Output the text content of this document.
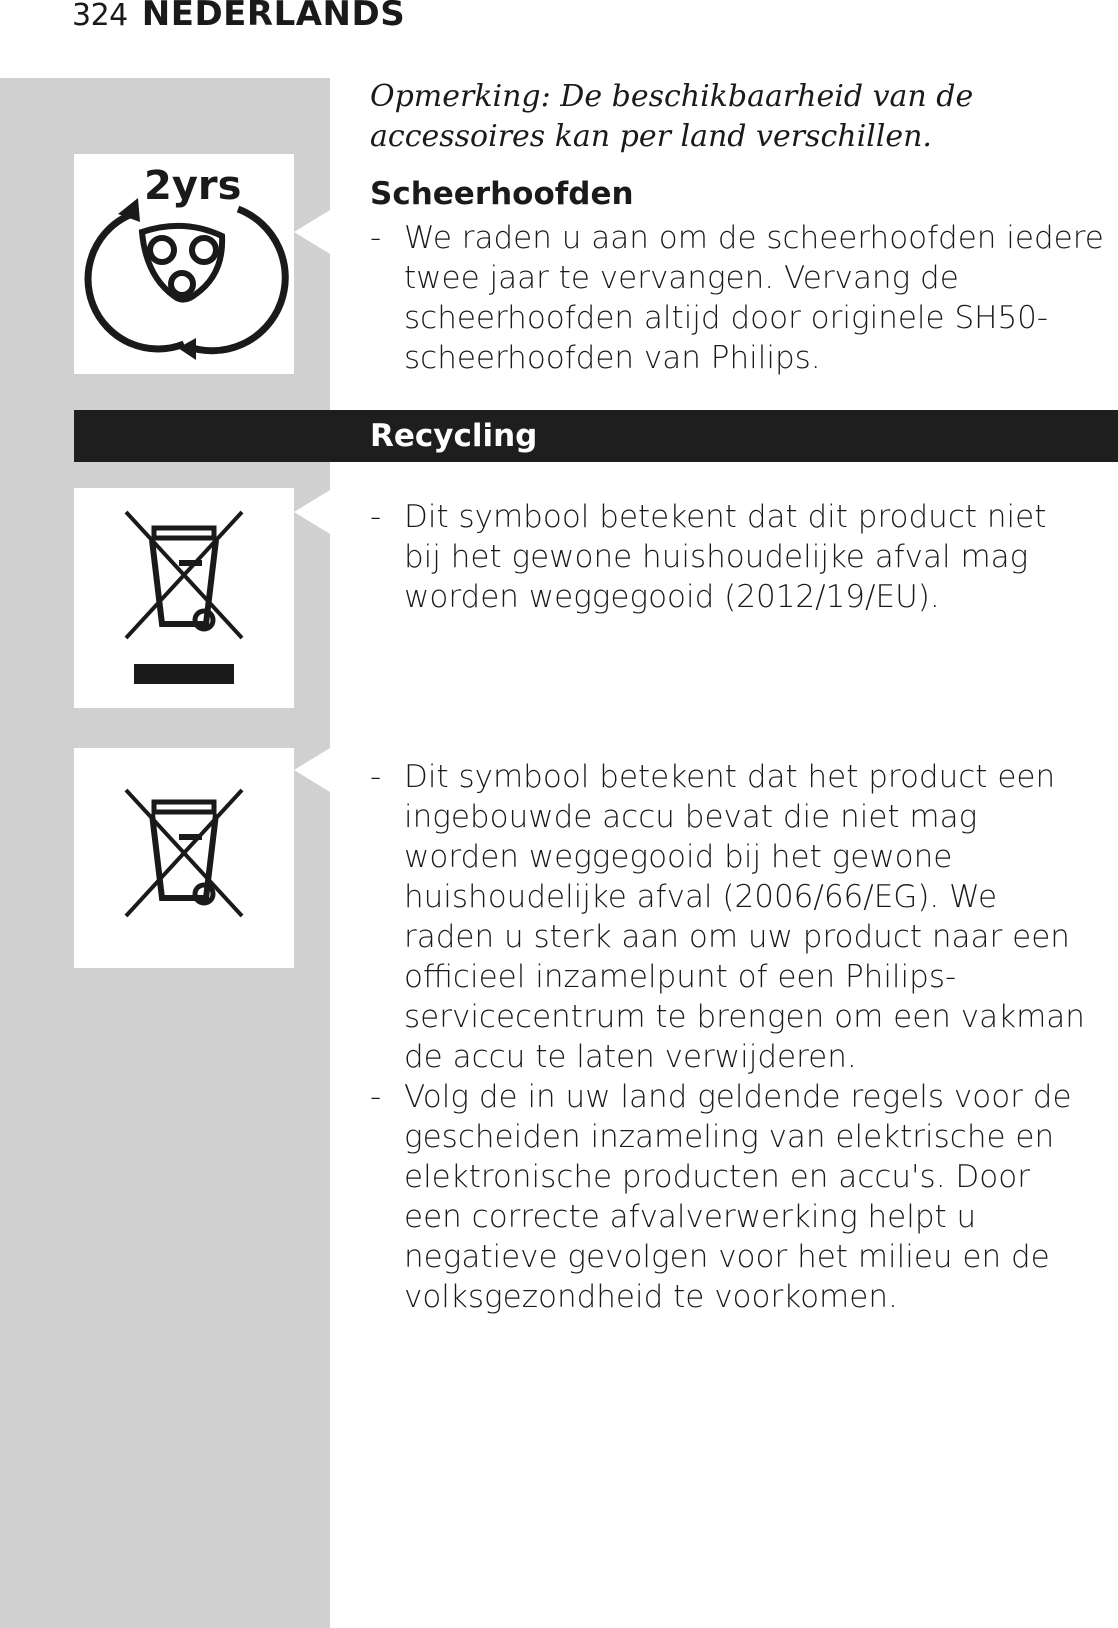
324 NEDERLANDS
2yrs
Opmerking: De beschikbaarheid van de accessoires kan per land verschillen.
Scheerhoofden
- We raden u aan om de scheerhoofden iedere twee jaar te vervangen. Vervang de scheerhoofden altijd door originele SH50-scheerhoofden van Philips.
Recycling
- Dit symbool betekent dat dit product niet bij het gewone huishoudelijke afval mag worden weggegooid (2012/19/EU).
- Dit symbool betekent dat het product een ingebouwde accu bevat die niet mag worden weggegooid bij het gewone huishoudelijke afval (2006/66/EG). We raden u sterk aan om uw product naar een officieel inzamelpunt of een Philips-servicecentrum te brengen om een vakman de accu te laten verwijderen.
- Volg de in uw land geldende regels voor de gescheiden inzameling van elektrische en elektronische producten en accu's. Door een correcte afvalverwerking helpt u negatieve gevolgen voor het milieu en de volksgezondheid te voorkomen.
